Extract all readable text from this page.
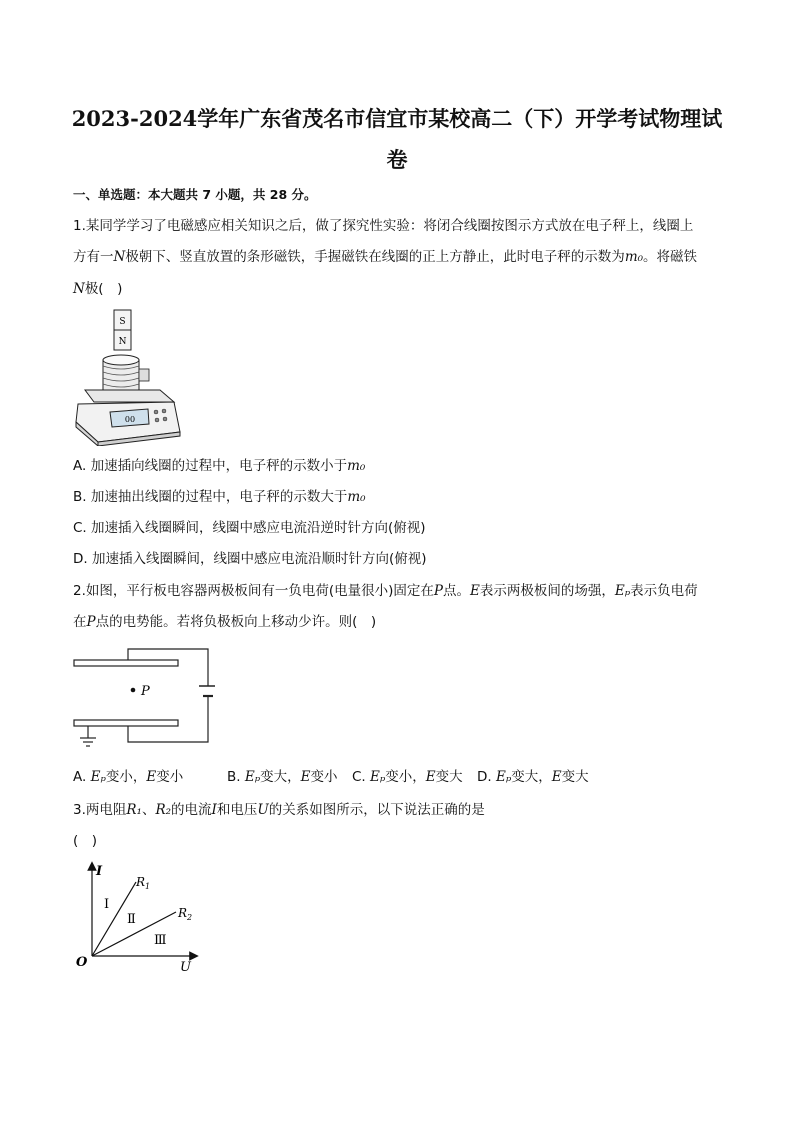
2023-2024学年广东省茂名市信宜市某校高二（下）开学考试物理试
卷
一、单选题：本大题共 7 小题，共 28 分。
1.某同学学习了电磁感应相关知识之后，做了探究性实验：将闭合线圈按图示方式放在电子秤上，线圈上
方有一N极朝下、竖直放置的条形磁铁，手握磁铁在线圈的正上方静止，此时电子秤的示数为m₀。将磁铁
N极(　)
S
N
00
A. 加速插向线圈的过程中，电子秤的示数小于m₀
B. 加速抽出线圈的过程中，电子秤的示数大于m₀
C. 加速插入线圈瞬间，线圈中感应电流沿逆时针方向(俯视)
D. 加速插入线圈瞬间，线圈中感应电流沿顺时针方向(俯视)
2.如图，平行板电容器两极板间有一负电荷(电量很小)固定在P点。E表示两极板间的场强，Eₚ表示负电荷
在P点的电势能。若将负极板向上移动少许。则(　)
P
A. Eₚ变小，E变小	B. Eₚ变大，E变小 C. Eₚ变小，E变大 D. Eₚ变大，E变大
3.两电阻R₁、R₂的电流I和电压U的关系如图所示，以下说法正确的是
(　)
I
U
O
$R_1$
$R_2$
Ⅰ
Ⅱ
Ⅲ
